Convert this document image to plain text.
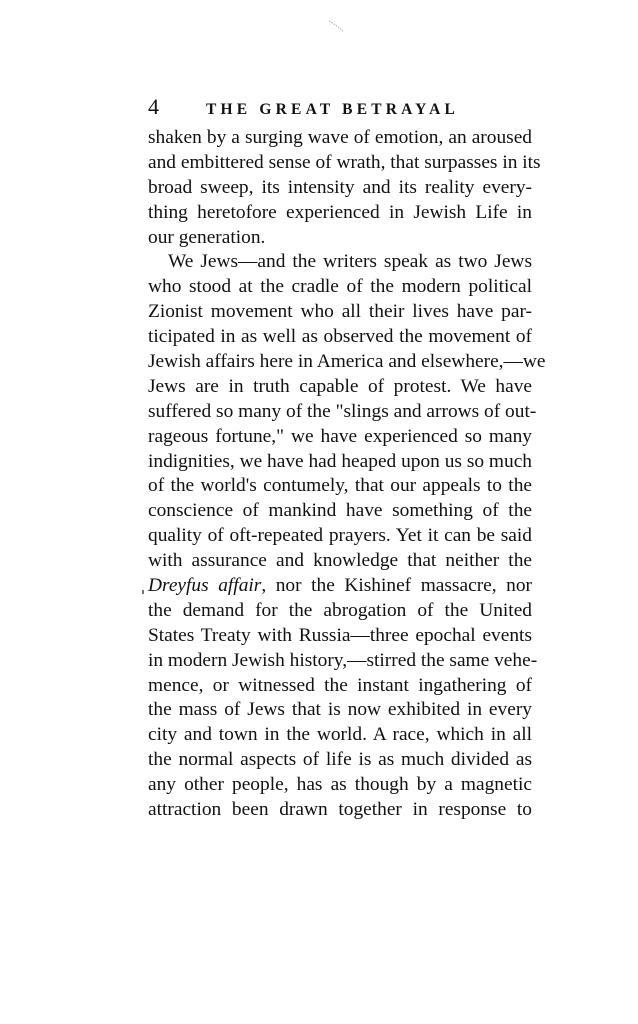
4	THE GREAT BETRAYAL
shaken by a surging wave of emotion, an aroused
and embittered sense of wrath, that surpasses in its
broad sweep, its intensity and its reality every-
thing heretofore experienced in Jewish Life in
our generation.
We Jews—and the writers speak as two Jews
who stood at the cradle of the modern political
Zionist movement who all their lives have par-
ticipated in as well as observed the movement of
Jewish affairs here in America and elsewhere,—we
Jews are in truth capable of protest. We have
suffered so many of the "slings and arrows of out-
rageous fortune," we have experienced so many
indignities, we have had heaped upon us so much
of the world's contumely, that our appeals to the
conscience of mankind have something of the
quality of oft-repeated prayers. Yet it can be said
with assurance and knowledge that neither the
Dreyfus affair, nor the Kishinef massacre, nor
the demand for the abrogation of the United
States Treaty with Russia—three epochal events
in modern Jewish history,—stirred the same vehe-
mence, or witnessed the instant ingathering of
the mass of Jews that is now exhibited in every
city and town in the world. A race, which in all
the normal aspects of life is as much divided as
any other people, has as though by a magnetic
attraction been drawn together in response to
